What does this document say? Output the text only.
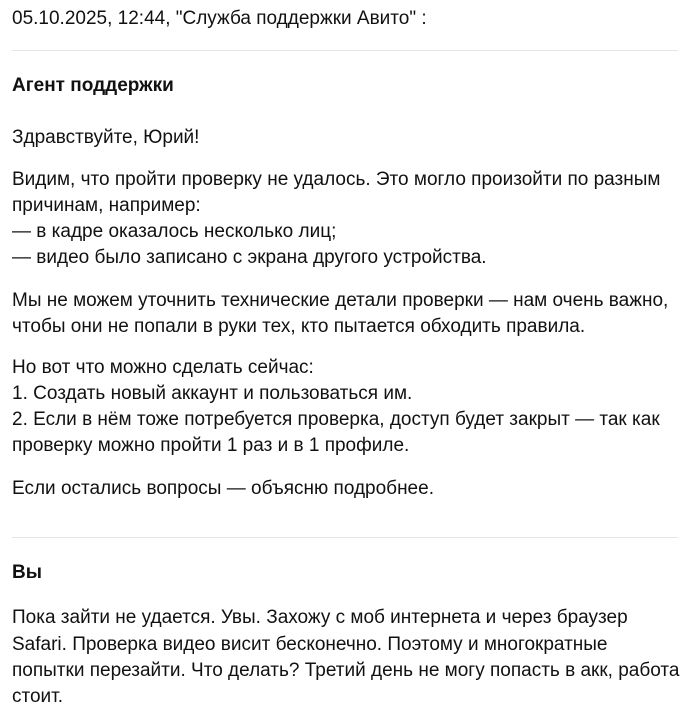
05.10.2025, 12:44, "Служба поддержки Авито" :
Агент поддержки
Здравствуйте, Юрий!
Видим, что пройти проверку не удалось. Это могло произойти по разным
причинам, например:
— в кадре оказалось несколько лиц;
— видео было записано с экрана другого устройства.
Мы не можем уточнить технические детали проверки — нам очень важно,
чтобы они не попали в руки тех, кто пытается обходить правила.
Но вот что можно сделать сейчас:
1. Создать новый аккаунт и пользоваться им.
2. Если в нём тоже потребуется проверка, доступ будет закрыт — так как
проверку можно пройти 1 раз и в 1 профиле.
Если остались вопросы — объясню подробнее.
Вы
Пока зайти не удается. Увы. Захожу с моб интернета и через браузер
Safari. Проверка видео висит бесконечно. Поэтому и многократные
попытки перезайти. Что делать? Третий день не могу попасть в акк, работа
стоит.
